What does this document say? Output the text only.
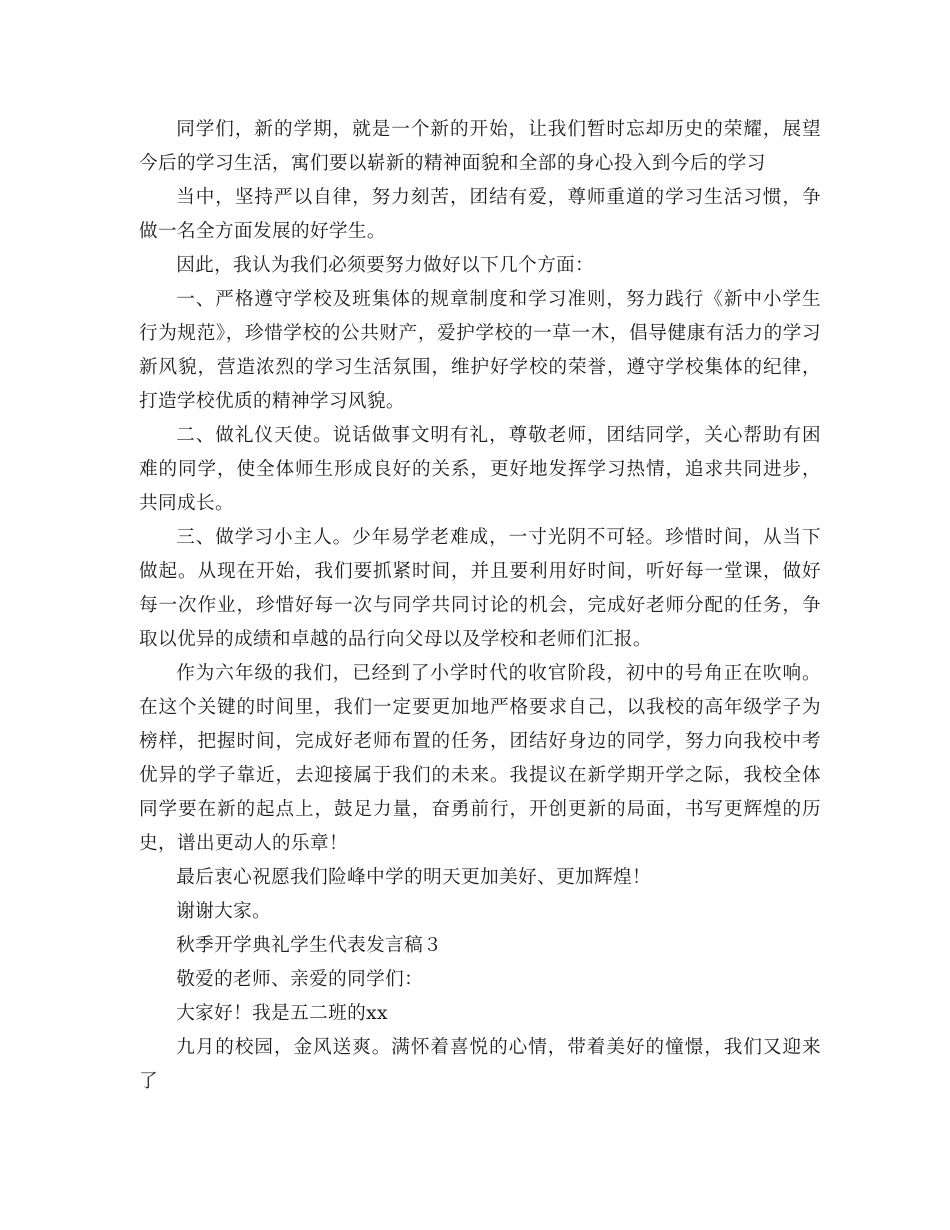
同学们，新的学期，就是一个新的开始，让我们暂时忘却历史的荣耀，展望今后的学习生活，寓们要以崭新的精神面貌和全部的身心投入到今后的学习

当中，坚持严以自律，努力刻苦，团结有爱，尊师重道的学习生活习惯，争做一名全方面发展的好学生。

因此，我认为我们必须要努力做好以下几个方面：

一、严格遵守学校及班集体的规章制度和学习准则，努力践行《新中小学生行为规范》，珍惜学校的公共财产，爱护学校的一草一木，倡导健康有活力的学习新风貌，营造浓烈的学习生活氛围，维护好学校的荣誉，遵守学校集体的纪律，打造学校优质的精神学习风貌。

二、做礼仪天使。说话做事文明有礼，尊敬老师，团结同学，关心帮助有困难的同学，使全体师生形成良好的关系，更好地发挥学习热情，追求共同进步，共同成长。

三、做学习小主人。少年易学老难成，一寸光阴不可轻。珍惜时间，从当下做起。从现在开始，我们要抓紧时间，并且要利用好时间，听好每一堂课，做好每一次作业，珍惜好每一次与同学共同讨论的机会，完成好老师分配的任务，争取以优异的成绩和卓越的品行向父母以及学校和老师们汇报。

作为六年级的我们，已经到了小学时代的收官阶段，初中的号角正在吹响。在这个关键的时间里，我们一定要更加地严格要求自己，以我校的高年级学子为榜样，把握时间，完成好老师布置的任务，团结好身边的同学，努力向我校中考优异的学子靠近，去迎接属于我们的未来。我提议在新学期开学之际，我校全体同学要在新的起点上，鼓足力量，奋勇前行，开创更新的局面，书写更辉煌的历史，谱出更动人的乐章！

最后衷心祝愿我们险峰中学的明天更加美好、更加辉煌！

谢谢大家。

秋季开学典礼学生代表发言稿３

敬爱的老师、亲爱的同学们：

大家好！我是五二班的xx

九月的校园，金风送爽。满怀着喜悦的心情，带着美好的憧憬，我们又迎来了
